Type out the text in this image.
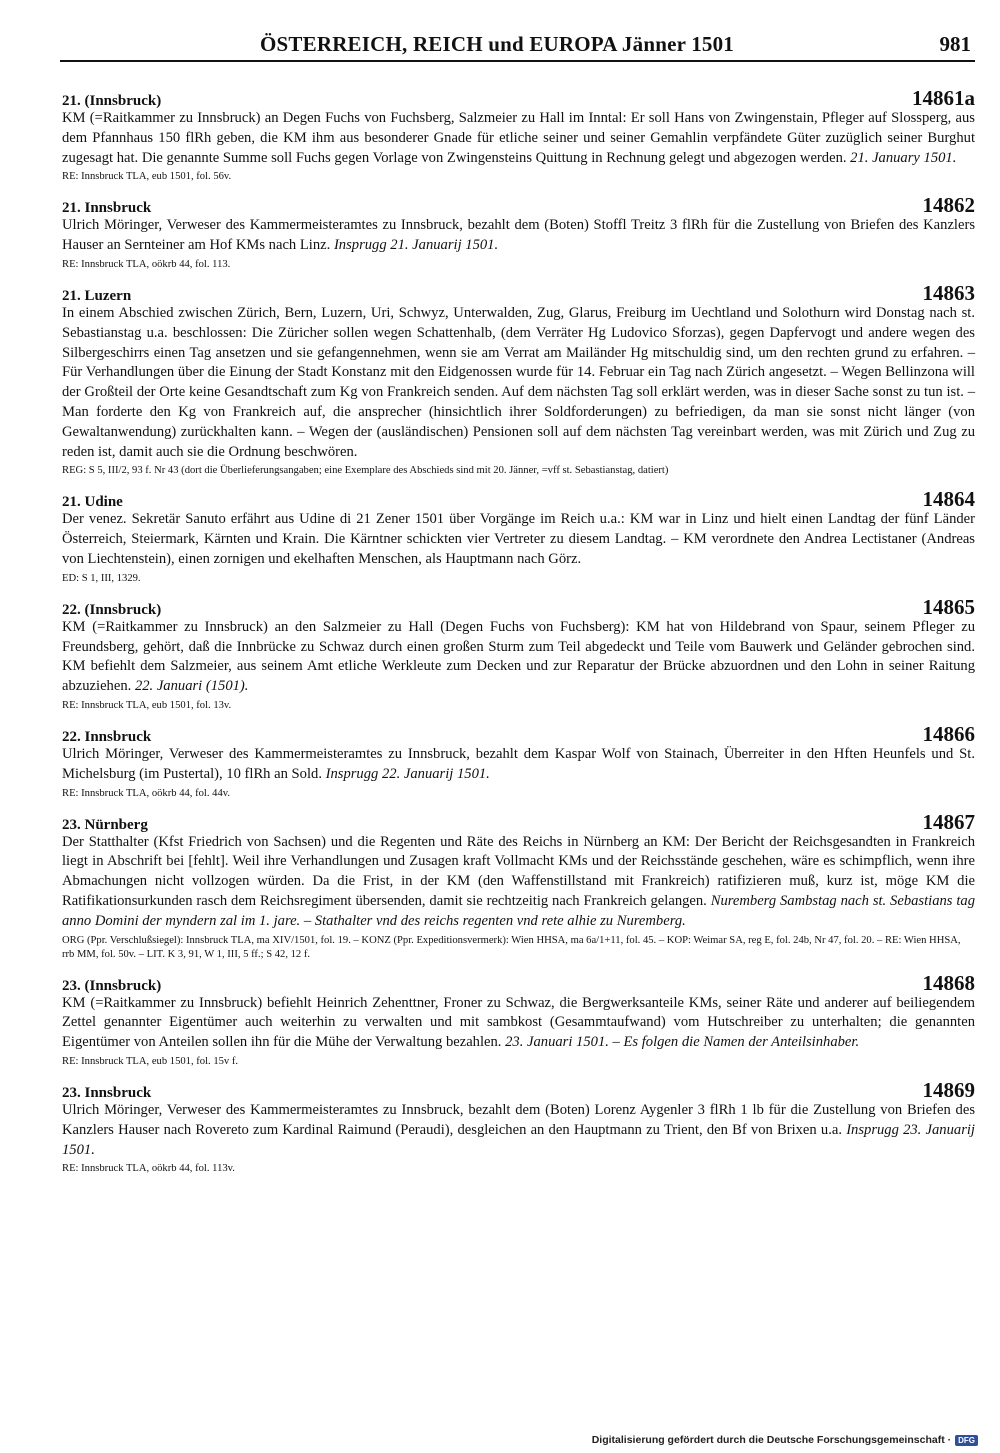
ÖSTERREICH, REICH und EUROPA Jänner 1501	981
21. (Innsbruck)	14861a
KM (=Raitkammer zu Innsbruck) an Degen Fuchs von Fuchsberg, Salzmeier zu Hall im Inntal: Er soll Hans von Zwingenstain, Pfleger auf Slossperg, aus dem Pfannhaus 150 flRh geben, die KM ihm aus besonderer Gnade für etliche seiner und seiner Gemahlin verpfändete Güter zuzüglich seiner Burghut zugesagt hat. Die genannte Summe soll Fuchs gegen Vorlage von Zwingensteins Quittung in Rechnung gelegt und abgezogen werden. 21. January 1501.
RE: Innsbruck TLA, eub 1501, fol. 56v.
21. Innsbruck	14862
Ulrich Möringer, Verweser des Kammermeisteramtes zu Innsbruck, bezahlt dem (Boten) Stoffl Treitz 3 flRh für die Zustellung von Briefen des Kanzlers Hauser an Sernteiner am Hof KMs nach Linz. Insprugg 21. Januarij 1501.
RE: Innsbruck TLA, oökrb 44, fol. 113.
21. Luzern	14863
In einem Abschied zwischen Zürich, Bern, Luzern, Uri, Schwyz, Unterwalden, Zug, Glarus, Freiburg im Uechtland und Solothurn wird Donstag nach st. Sebastianstag u.a. beschlossen: Die Züricher sollen wegen Schattenhalb, (dem Verräter Hg Ludovico Sforzas), gegen Dapfervogt und andere wegen des Silbergeschirrs einen Tag ansetzen und sie gefangennehmen, wenn sie am Verrat am Mailänder Hg mitschuldig sind, um den rechten grund zu erfahren. – Für Verhandlungen über die Einung der Stadt Konstanz mit den Eidgenossen wurde für 14. Februar ein Tag nach Zürich angesetzt. – Wegen Bellinzona will der Großteil der Orte keine Gesandtschaft zum Kg von Frankreich senden. Auf dem nächsten Tag soll erklärt werden, was in dieser Sache sonst zu tun ist. – Man forderte den Kg von Frankreich auf, die ansprecher (hinsichtlich ihrer Soldforderungen) zu befriedigen, da man sie sonst nicht länger (von Gewaltanwendung) zurückhalten kann. – Wegen der (ausländischen) Pensionen soll auf dem nächsten Tag vereinbart werden, was mit Zürich und Zug zu reden ist, damit auch sie die Ordnung beschwören.
REG: S 5, III/2, 93 f. Nr 43 (dort die Überlieferungsangaben; eine Exemplare des Abschieds sind mit 20. Jänner, =vff st. Sebastianstag, datiert)
21. Udine	14864
Der venez. Sekretär Sanuto erfährt aus Udine di 21 Zener 1501 über Vorgänge im Reich u.a.: KM war in Linz und hielt einen Landtag der fünf Länder Österreich, Steiermark, Kärnten und Krain. Die Kärntner schickten vier Vertreter zu diesem Landtag. – KM verordnete den Andrea Lectistaner (Andreas von Liechtenstein), einen zornigen und ekelhaften Menschen, als Hauptmann nach Görz.
ED: S 1, III, 1329.
22. (Innsbruck)	14865
KM (=Raitkammer zu Innsbruck) an den Salzmeier zu Hall (Degen Fuchs von Fuchsberg): KM hat von Hildebrand von Spaur, seinem Pfleger zu Freundsberg, gehört, daß die Innbrücke zu Schwaz durch einen großen Sturm zum Teil abgedeckt und Teile vom Bauwerk und Geländer gebrochen sind. KM befiehlt dem Salzmeier, aus seinem Amt etliche Werkleute zum Decken und zur Reparatur der Brücke abzuordnen und den Lohn in seiner Raitung abzuziehen. 22. Januari (1501).
RE: Innsbruck TLA, eub 1501, fol. 13v.
22. Innsbruck	14866
Ulrich Möringer, Verweser des Kammermeisteramtes zu Innsbruck, bezahlt dem Kaspar Wolf von Stainach, Überreiter in den Hften Heunfels und St. Michelsburg (im Pustertal), 10 flRh an Sold. Insprugg 22. Januarij 1501.
RE: Innsbruck TLA, oökrb 44, fol. 44v.
23. Nürnberg	14867
Der Statthalter (Kfst Friedrich von Sachsen) und die Regenten und Räte des Reichs in Nürnberg an KM: Der Bericht der Reichsgesandten in Frankreich liegt in Abschrift bei [fehlt]. Weil ihre Verhandlungen und Zusagen kraft Vollmacht KMs und der Reichsstände geschehen, wäre es schimpflich, wenn ihre Abmachungen nicht vollzogen würden. Da die Frist, in der KM (den Waffenstillstand mit Frankreich) ratifizieren muß, kurz ist, möge KM die Ratifikationsurkunden rasch dem Reichsregiment übersenden, damit sie rechtzeitig nach Frankreich gelangen. Nuremberg Sambstag nach st. Sebastians tag anno Domini der myndern zal im 1. jare. – Stathalter vnd des reichs regenten vnd rete alhie zu Nuremberg.
ORG (Ppr. Verschlußsiegel): Innsbruck TLA, ma XIV/1501, fol. 19. – KONZ (Ppr. Expeditionsvermerk): Wien HHSA, ma 6a/1+11, fol. 45. – KOP: Weimar SA, reg E, fol. 24b, Nr 47, fol. 20. – RE: Wien HHSA, rrb MM, fol. 50v. – LIT. K 3, 91, W 1, III, 5 ff.; S 42, 12 f.
23. (Innsbruck)	14868
KM (=Raitkammer zu Innsbruck) befiehlt Heinrich Zehenttner, Froner zu Schwaz, die Bergwerksanteile KMs, seiner Räte und anderer auf beiliegendem Zettel genannter Eigentümer auch weiterhin zu verwalten und mit sambkost (Gesammtaufwand) vom Hutschreiber zu unterhalten; die genannten Eigentümer von Anteilen sollen ihn für die Mühe der Verwaltung bezahlen. 23. Januari 1501. – Es folgen die Namen der Anteilsinhaber.
RE: Innsbruck TLA, eub 1501, fol. 15v f.
23. Innsbruck	14869
Ulrich Möringer, Verweser des Kammermeisteramtes zu Innsbruck, bezahlt dem (Boten) Lorenz Aygenler 3 flRh 1 lb für die Zustellung von Briefen des Kanzlers Hauser nach Rovereto zum Kardinal Raimund (Peraudi), desgleichen an den Hauptmann zu Trient, den Bf von Brixen u.a. Insprugg 23. Januarij 1501.
RE: Innsbruck TLA, oökrb 44, fol. 113v.
Digitalisierung gefördert durch die Deutsche Forschungsgemeinschaft · DFG
